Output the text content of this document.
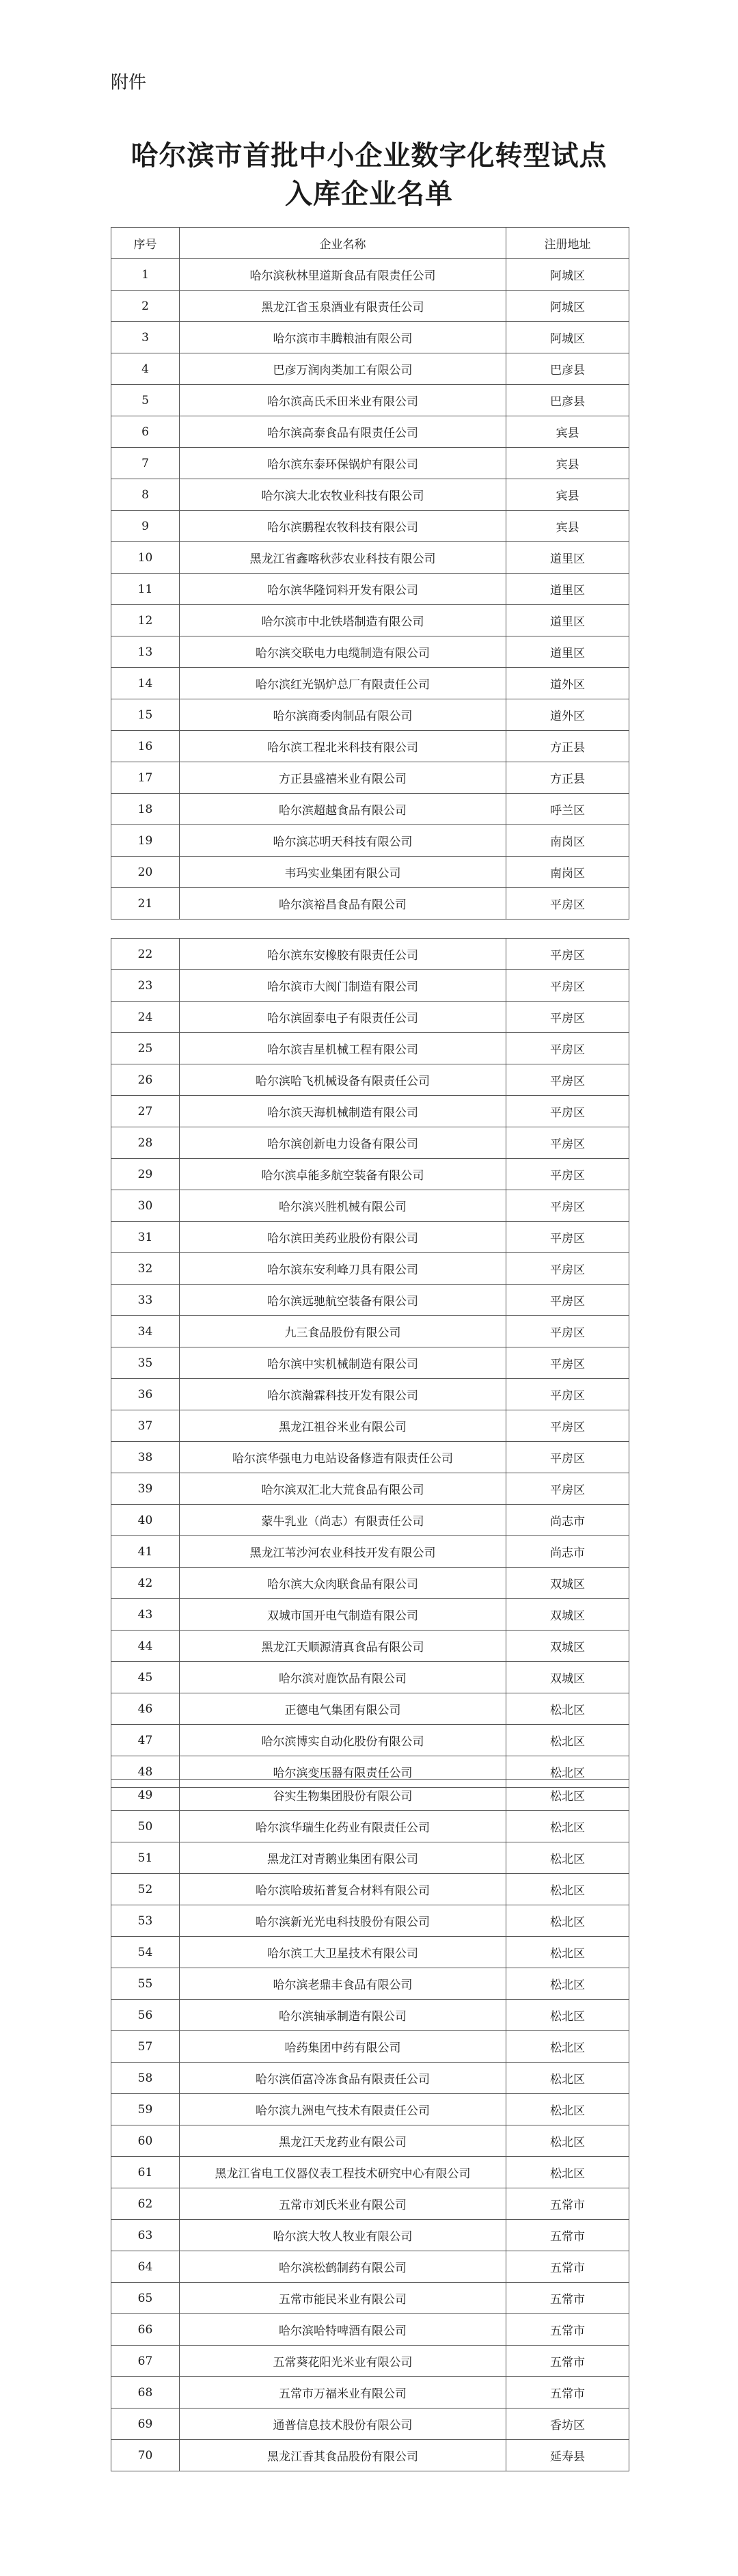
附件
哈尔滨市首批中小企业数字化转型试点
入库企业名单
序号	企业名称	注册地址
1	哈尔滨秋林里道斯食品有限责任公司	阿城区
2	黑龙江省玉泉酒业有限责任公司	阿城区
3	哈尔滨市丰腾粮油有限公司	阿城区
4	巴彦万润肉类加工有限公司	巴彦县
5	哈尔滨高氏禾田米业有限公司	巴彦县
6	哈尔滨高泰食品有限责任公司	宾县
7	哈尔滨东泰环保锅炉有限公司	宾县
8	哈尔滨大北农牧业科技有限公司	宾县
9	哈尔滨鹏程农牧科技有限公司	宾县
10	黑龙江省鑫喀秋莎农业科技有限公司	道里区
11	哈尔滨华隆饲料开发有限公司	道里区
12	哈尔滨市中北铁塔制造有限公司	道里区
13	哈尔滨交联电力电缆制造有限公司	道里区
14	哈尔滨红光锅炉总厂有限责任公司	道外区
15	哈尔滨商委肉制品有限公司	道外区
16	哈尔滨工程北米科技有限公司	方正县
17	方正县盛禧米业有限公司	方正县
18	哈尔滨超越食品有限公司	呼兰区
19	哈尔滨芯明天科技有限公司	南岗区
20	韦玛实业集团有限公司	南岗区
21	哈尔滨裕昌食品有限公司	平房区
22	哈尔滨东安橡胶有限责任公司	平房区
23	哈尔滨市大阀门制造有限公司	平房区
24	哈尔滨固泰电子有限责任公司	平房区
25	哈尔滨吉星机械工程有限公司	平房区
26	哈尔滨哈飞机械设备有限责任公司	平房区
27	哈尔滨天海机械制造有限公司	平房区
28	哈尔滨创新电力设备有限公司	平房区
29	哈尔滨卓能多航空装备有限公司	平房区
30	哈尔滨兴胜机械有限公司	平房区
31	哈尔滨田美药业股份有限公司	平房区
32	哈尔滨东安利峰刀具有限公司	平房区
33	哈尔滨远驰航空装备有限公司	平房区
34	九三食品股份有限公司	平房区
35	哈尔滨中实机械制造有限公司	平房区
36	哈尔滨瀚霖科技开发有限公司	平房区
37	黑龙江祖谷米业有限公司	平房区
38	哈尔滨华强电力电站设备修造有限责任公司	平房区
39	哈尔滨双汇北大荒食品有限公司	平房区
40	蒙牛乳业（尚志）有限责任公司	尚志市
41	黑龙江苇沙河农业科技开发有限公司	尚志市
42	哈尔滨大众肉联食品有限公司	双城区
43	双城市国开电气制造有限公司	双城区
44	黑龙江天顺源清真食品有限公司	双城区
45	哈尔滨对鹿饮品有限公司	双城区
46	正德电气集团有限公司	松北区
47	哈尔滨博实自动化股份有限公司	松北区
48	哈尔滨变压器有限责任公司	松北区
49	谷实生物集团股份有限公司	松北区
50	哈尔滨华瑞生化药业有限责任公司	松北区
51	黑龙江对青鹅业集团有限公司	松北区
52	哈尔滨哈玻拓普复合材料有限公司	松北区
53	哈尔滨新光光电科技股份有限公司	松北区
54	哈尔滨工大卫星技术有限公司	松北区
55	哈尔滨老鼎丰食品有限公司	松北区
56	哈尔滨轴承制造有限公司	松北区
57	哈药集团中药有限公司	松北区
58	哈尔滨佰富冷冻食品有限责任公司	松北区
59	哈尔滨九洲电气技术有限责任公司	松北区
60	黑龙江天龙药业有限公司	松北区
61	黑龙江省电工仪器仪表工程技术研究中心有限公司	松北区
62	五常市刘氏米业有限公司	五常市
63	哈尔滨大牧人牧业有限公司	五常市
64	哈尔滨松鹤制药有限公司	五常市
65	五常市能民米业有限公司	五常市
66	哈尔滨哈特啤酒有限公司	五常市
67	五常葵花阳光米业有限公司	五常市
68	五常市万福米业有限公司	五常市
69	通普信息技术股份有限公司	香坊区
70	黑龙江香其食品股份有限公司	延寿县
